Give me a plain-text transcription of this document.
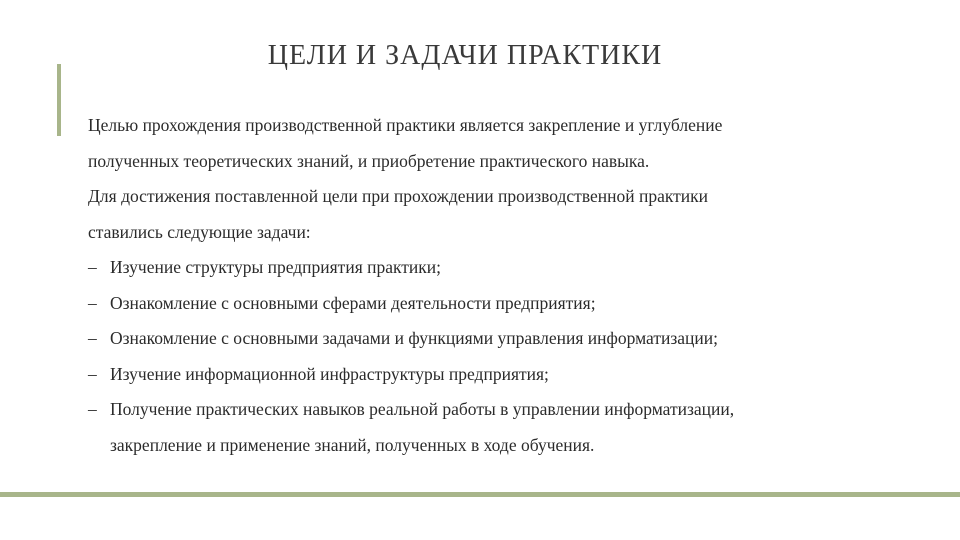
ЦЕЛИ И ЗАДАЧИ ПРАКТИКИ

Целью прохождения производственной практики является закрепление и углубление

полученных теоретических знаний, и приобретение практического навыка.

Для достижения поставленной цели при прохождении производственной практики

ставились следующие задачи:

– Изучение структуры предприятия практики;
– Ознакомление с основными сферами деятельности предприятия;
– Ознакомление с основными задачами и функциями управления информатизации;
– Изучение информационной инфраструктуры предприятия;
– Получение практических навыков реальной работы в управлении информатизации,
закрепление и применение знаний, полученных в ходе обучения.
